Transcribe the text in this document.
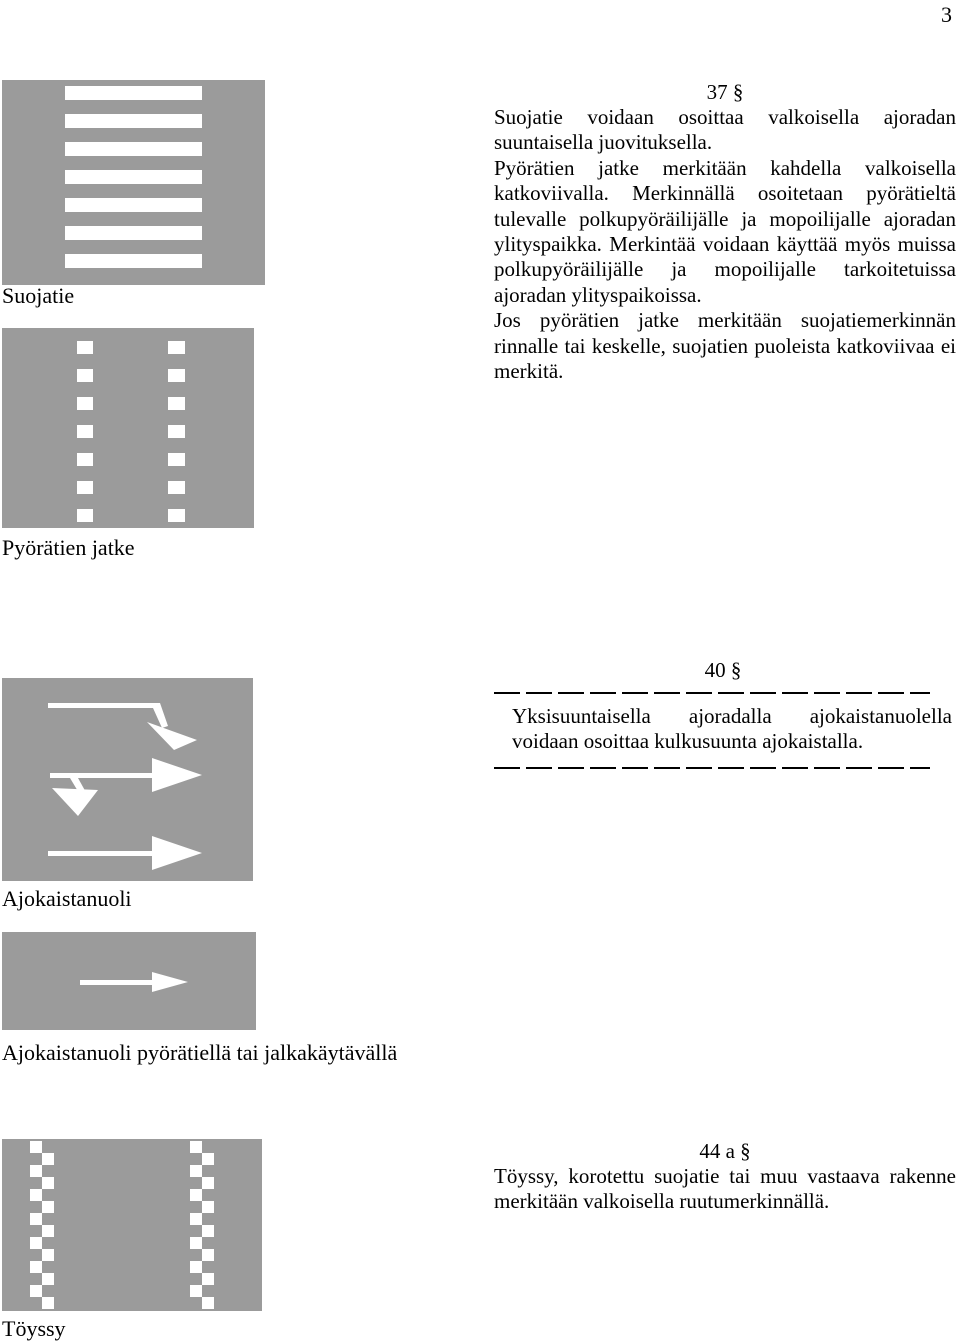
3
Suojatie
Pyörätien jatke
Ajokaistanuoli
Ajokaistanuoli pyörätiellä tai jalkakäytävällä
Töyssy
37 §

Suojatie voidaan osoittaa valkoisella ajoradan suuntaisella juovituksella.

Pyörätien jatke merkitään kahdella valkoisella katkoviivalla. Merkinnällä osoitetaan pyörätieltä tulevalle polkupyöräilijälle ja mopoilijalle ajoradan ylityspaikka. Merkintää voidaan käyttää myös muissa polkupyöräilijälle ja mopoilijalle tarkoitetuissa ajoradan ylityspaikoissa.

Jos pyörätien jatke merkitään suojatiemerkinnän rinnalle tai keskelle, suojatien puoleista katkoviivaa ei merkitä.

40 §

Yksisuuntaisella ajoradalla ajokaistanuolella voidaan osoittaa kulkusuunta ajokaistalla.

44 a §

Töyssy, korotettu suojatie tai muu vastaava rakenne merkitään valkoisella ruutumerkinnällä.
